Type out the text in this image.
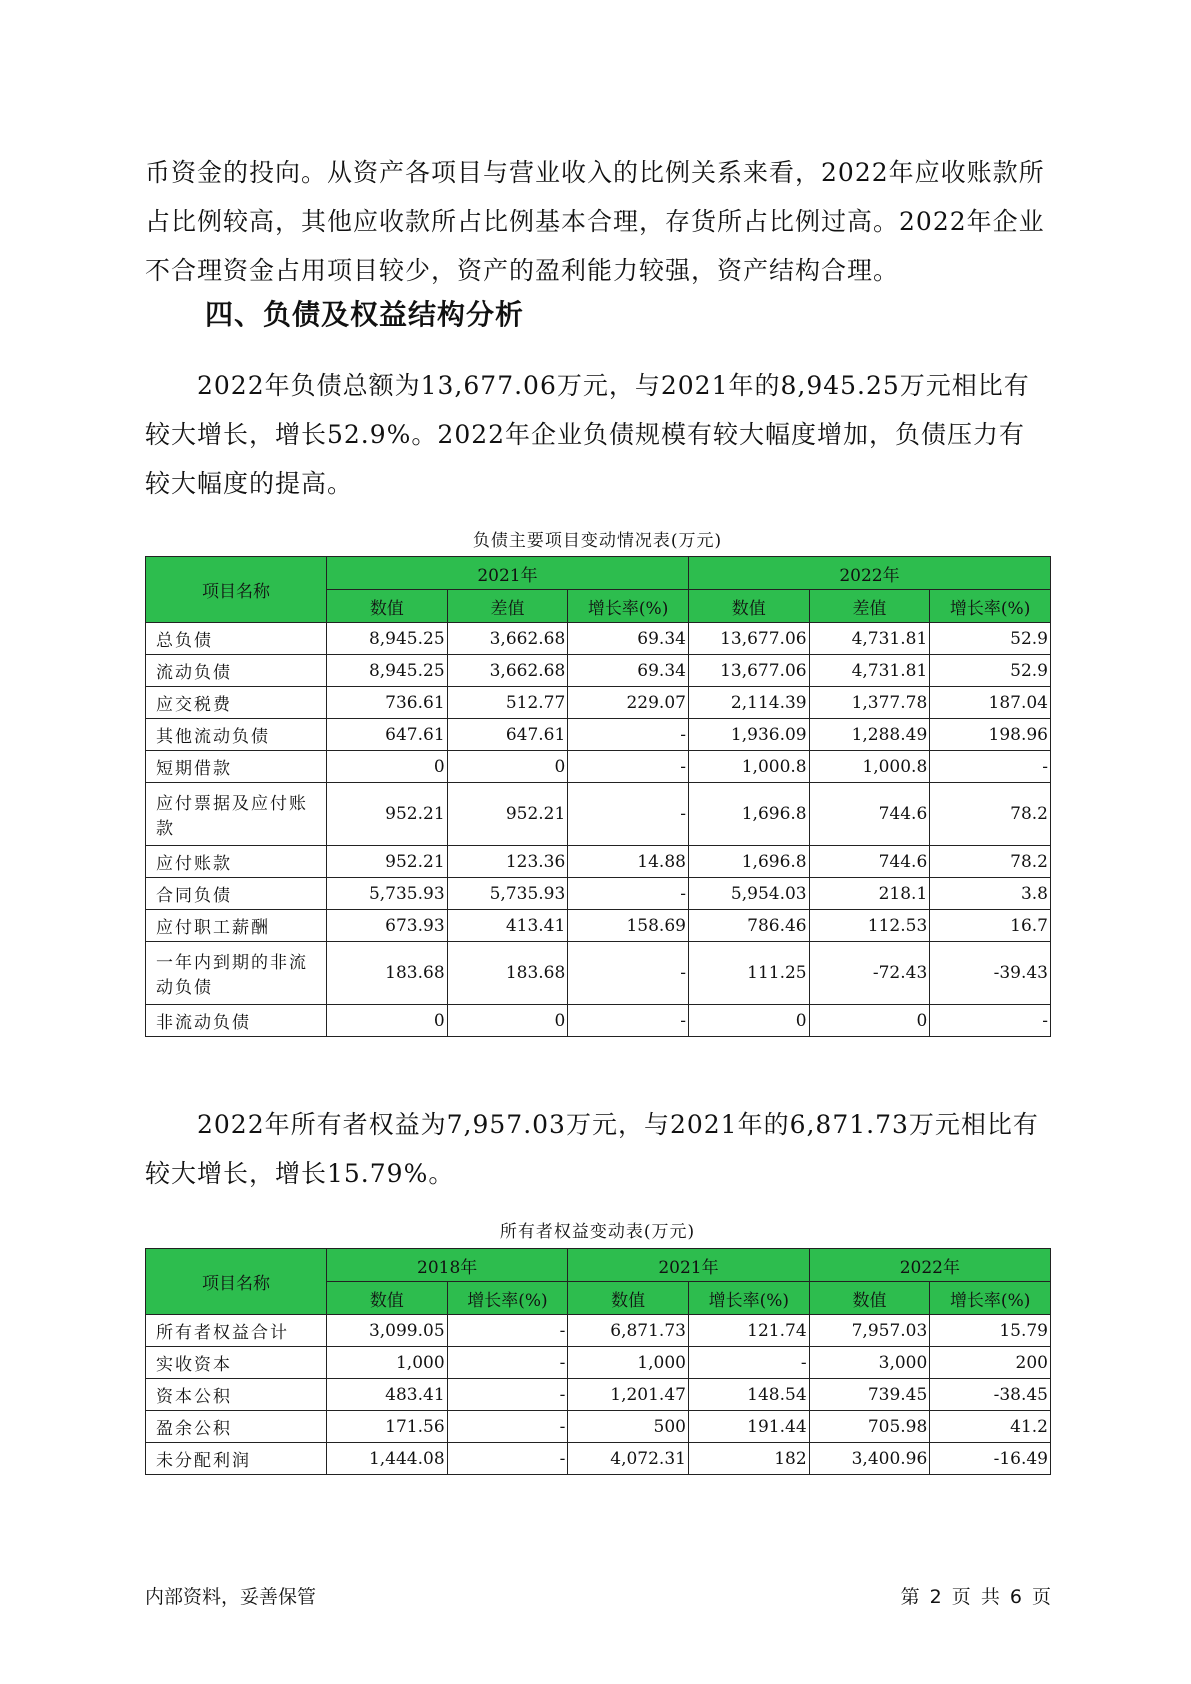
币资金的投向。从资产各项目与营业收入的比例关系来看，2022年应收账款所占比例较高，其他应收款所占比例基本合理，存货所占比例过高。2022年企业不合理资金占用项目较少，资产的盈利能力较强，资产结构合理。

四、负债及权益结构分析

2022年负债总额为13,677.06万元，与2021年的8,945.25万元相比有较大增长，增长52.9%。2022年企业负债规模有较大幅度增加，负债压力有较大幅度的提高。

负债主要项目变动情况表(万元)
项目名称	2021年			2022年		
	数值	差值	增长率(%)	数值	差值	增长率(%)
总负债	8,945.25	3,662.68	69.34	13,677.06	4,731.81	52.9
流动负债	8,945.25	3,662.68	69.34	13,677.06	4,731.81	52.9
应交税费	736.61	512.77	229.07	2,114.39	1,377.78	187.04
其他流动负债	647.61	647.61	-	1,936.09	1,288.49	198.96
短期借款	0	0	-	1,000.8	1,000.8	-
应付票据及应付账款	952.21	952.21	-	1,696.8	744.6	78.2
应付账款	952.21	123.36	14.88	1,696.8	744.6	78.2
合同负债	5,735.93	5,735.93	-	5,954.03	218.1	3.8
应付职工薪酬	673.93	413.41	158.69	786.46	112.53	16.7
一年内到期的非流动负债	183.68	183.68	-	111.25	-72.43	-39.43
非流动负债	0	0	-	0	0	-

2022年所有者权益为7,957.03万元，与2021年的6,871.73万元相比有较大增长，增长15.79%。

所有者权益变动表(万元)
项目名称	2018年		2021年		2022年	
	数值	增长率(%)	数值	增长率(%)	数值	增长率(%)
所有者权益合计	3,099.05	-	6,871.73	121.74	7,957.03	15.79
实收资本	1,000	-	1,000	-	3,000	200
资本公积	483.41	-	1,201.47	148.54	739.45	-38.45
盈余公积	171.56	-	500	191.44	705.98	41.2
未分配利润	1,444.08	-	4,072.31	182	3,400.96	-16.49
内部资料，妥善保管	第 2 页 共 6 页
